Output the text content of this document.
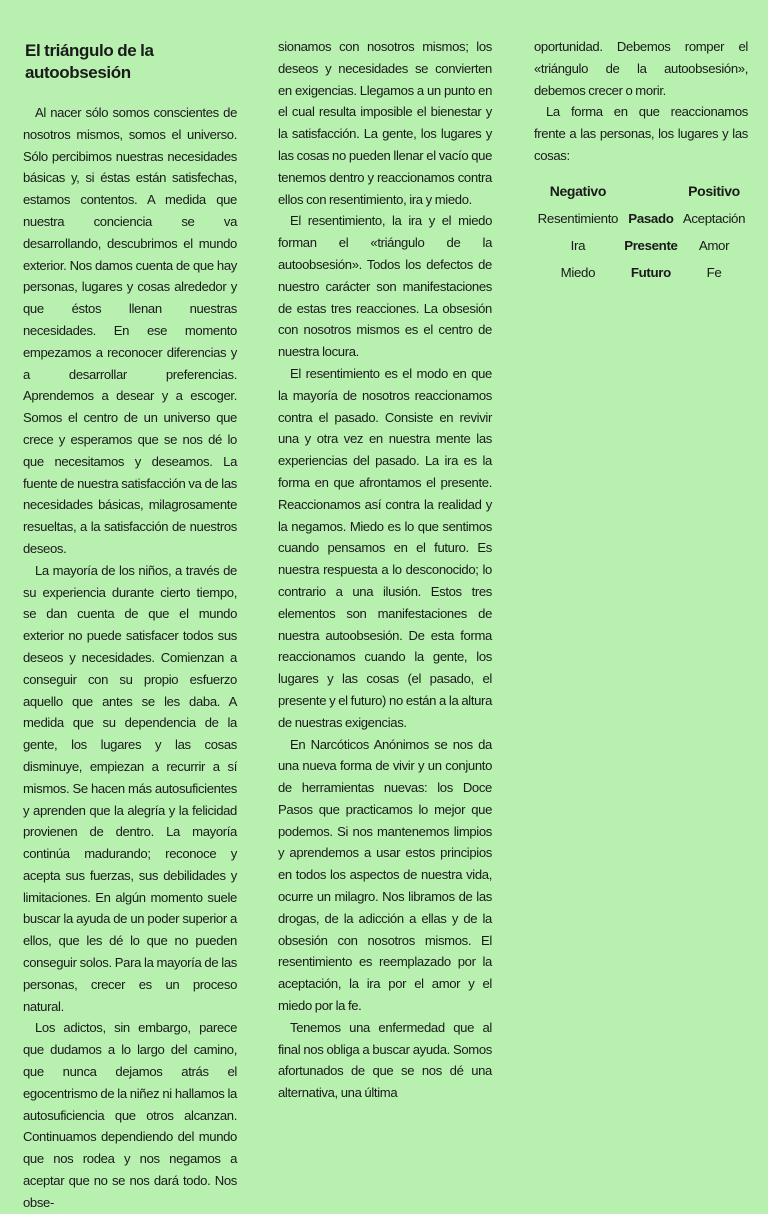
El triángulo de la autoobsesión

Al nacer sólo somos conscientes de nosotros mismos, somos el universo. Sólo percibimos nuestras necesidades básicas y, si éstas están satisfechas, estamos contentos. A medida que nuestra conciencia se va desarrollando, descubrimos el mundo exterior. Nos damos cuenta de que hay personas, lugares y cosas alrededor y que éstos llenan nuestras necesidades. En ese momento empezamos a reconocer diferencias y a desarrollar preferencias. Aprendemos a desear y a escoger. Somos el centro de un universo que crece y esperamos que se nos dé lo que necesitamos y deseamos. La fuente de nuestra satisfacción va de las necesidades básicas, milagrosamente resueltas, a la satisfacción de nuestros deseos.

La mayoría de los niños, a través de su experiencia durante cierto tiempo, se dan cuenta de que el mundo exterior no puede satisfacer todos sus deseos y necesidades. Comienzan a conseguir con su propio esfuerzo aquello que antes se les daba. A medida que su dependencia de la gente, los lugares y las cosas disminuye, empiezan a recurrir a sí mismos. Se hacen más autosuficientes y aprenden que la alegría y la felicidad provienen de dentro. La mayoría continúa madurando; reconoce y acepta sus fuerzas, sus debilidades y limitaciones. En algún momento suele buscar la ayuda de un poder superior a ellos, que les dé lo que no pueden conseguir solos. Para la mayoría de las personas, crecer es un proceso natural.

Los adictos, sin embargo, parece que dudamos a lo largo del camino, que nunca dejamos atrás el egocentrismo de la niñez ni hallamos la autosuficiencia que otros alcanzan. Continuamos dependiendo del mundo que nos rodea y nos negamos a aceptar que no se nos dará todo. Nos obse-

sionamos con nosotros mismos; los deseos y necesidades se convierten en exigencias. Llegamos a un punto en el cual resulta imposible el bienestar y la satisfacción. La gente, los lugares y las cosas no pueden llenar el vacío que tenemos dentro y reaccionamos contra ellos con resentimiento, ira y miedo.

El resentimiento, la ira y el miedo forman el «triángulo de la autoobsesión». Todos los defectos de nuestro carácter son manifestaciones de estas tres reacciones. La obsesión con nosotros mismos es el centro de nuestra locura.

El resentimiento es el modo en que la mayoría de nosotros reaccionamos contra el pasado. Consiste en revivir una y otra vez en nuestra mente las experiencias del pasado. La ira es la forma en que afrontamos el presente. Reaccionamos así contra la realidad y la negamos. Miedo es lo que sentimos cuando pensamos en el futuro. Es nuestra respuesta a lo desconocido; lo contrario a una ilusión. Estos tres elementos son manifestaciones de nuestra autoobsesión. De esta forma reaccionamos cuando la gente, los lugares y las cosas (el pasado, el presente y el futuro) no están a la altura de nuestras exigencias.

En Narcóticos Anónimos se nos da una nueva forma de vivir y un conjunto de herramientas nuevas: los Doce Pasos que practicamos lo mejor que podemos. Si nos mantenemos limpios y aprendemos a usar estos principios en todos los aspectos de nuestra vida, ocurre un milagro. Nos libramos de las drogas, de la adicción a ellas y de la obsesión con nosotros mismos. El resentimiento es reemplazado por la aceptación, la ira por el amor y el miedo por la fe.

Tenemos una enfermedad que al final nos obliga a buscar ayuda. Somos afortunados de que se nos dé una alternativa, una última

oportunidad. Debemos romper el «triángulo de la autoobsesión», debemos crecer o morir.

La forma en que reaccionamos frente a las personas, los lugares y las cosas:

Negativo		Positivo
Resentimiento	Pasado	Aceptación
Ira	Presente	Amor
Miedo	Futuro	Fe
